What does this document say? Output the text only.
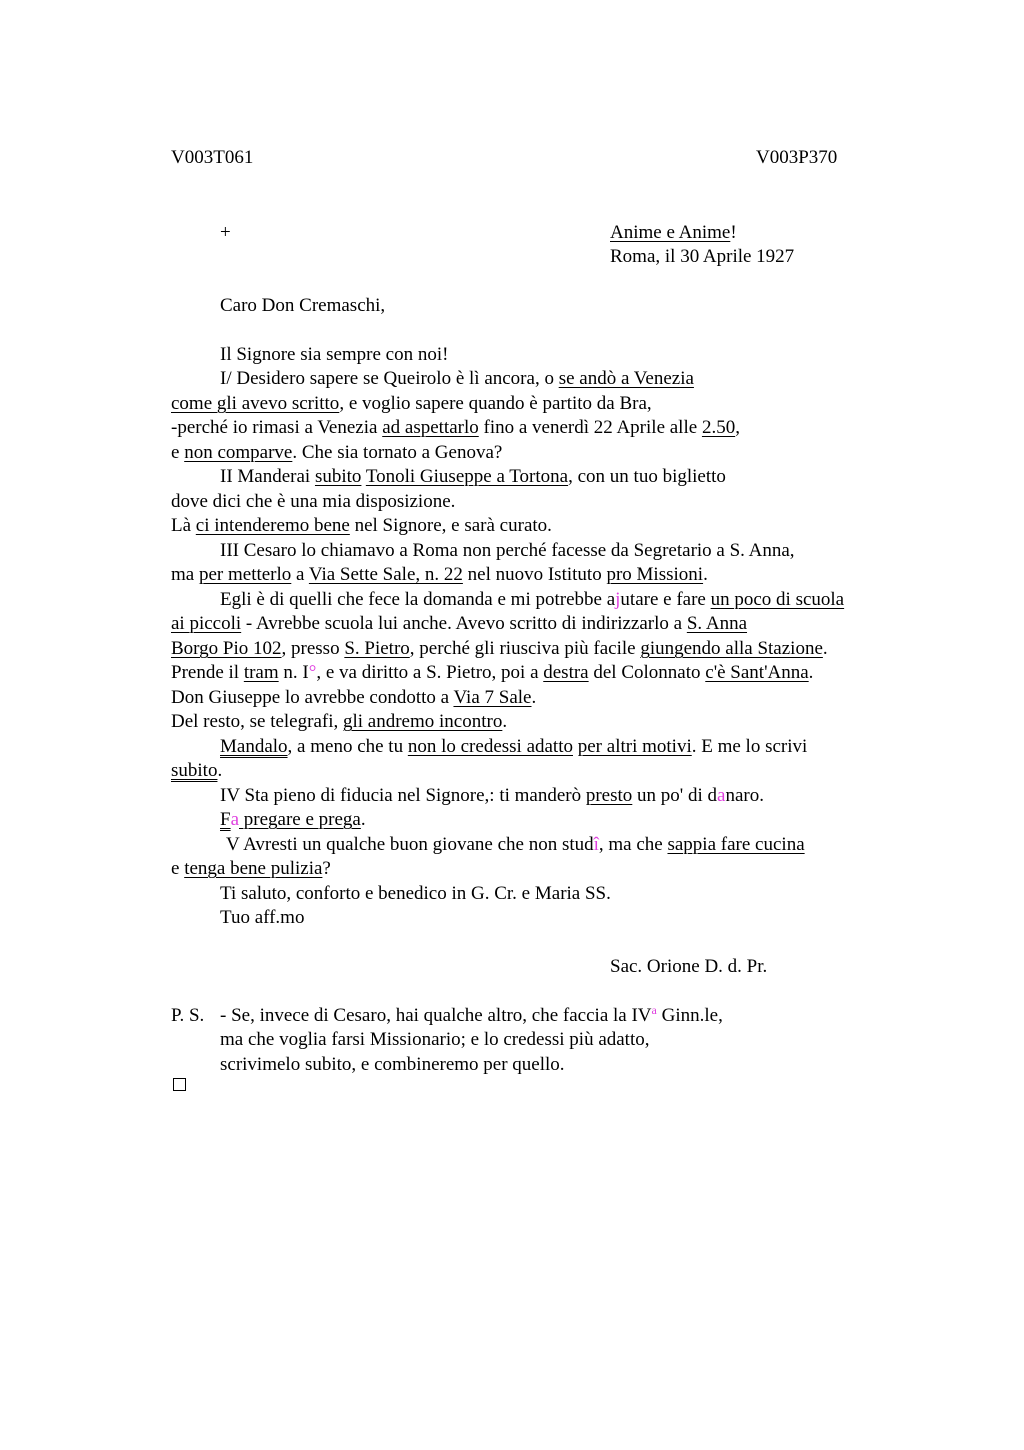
V003T061	V003P370
+	Anime e Anime!
Roma, il 30 Aprile 1927
Caro Don Cremaschi,
Il Signore sia sempre con noi!
I/ Desidero sapere se Queirolo è lì ancora, o se andò a Venezia
come gli avevo scritto, e voglio sapere quando è partito da Bra,
-perché io rimasi a Venezia ad aspettarlo fino a venerdì 22 Aprile alle 2.50,
e non comparve. Che sia tornato a Genova?
II Manderai subito Tonoli Giuseppe a Tortona, con un tuo biglietto
dove dici che è una mia disposizione.
Là ci intenderemo bene nel Signore, e sarà curato.
III Cesaro lo chiamavo a Roma non perché facesse da Segretario a S. Anna,
ma per metterlo a Via Sette Sale, n. 22 nel nuovo Istituto pro Missioni.
Egli è di quelli che fece la domanda e mi potrebbe ajutare e fare un poco di scuola
ai piccoli - Avrebbe scuola lui anche. Avevo scritto di indirizzarlo a S. Anna
Borgo Pio 102, presso S. Pietro, perché gli riusciva più facile giungendo alla Stazione.
Prende il tram n. I°, e va diritto a S. Pietro, poi a destra del Colonnato c'è Sant'Anna.
Don Giuseppe lo avrebbe condotto a Via 7 Sale.
Del resto, se telegrafi, gli andremo incontro.
Mandalo, a meno che tu non lo credessi adatto per altri motivi. E me lo scrivi
subito.
IV Sta pieno di fiducia nel Signore,: ti manderò presto un po' di danaro.
Fa pregare e prega.
V Avresti un qualche buon giovane che non studî, ma che sappia fare cucina
e tenga bene pulizia?
Ti saluto, conforto e benedico in G. Cr. e Maria SS.
Tuo aff.mo
Sac. Orione D. d. Pr.
P. S. - Se, invece di Cesaro, hai qualche altro, che faccia la $IV^a$ Ginn.le,
ma che voglia farsi Missionario; e lo credessi più adatto,
scrivimelo subito, e combineremo per quello.
